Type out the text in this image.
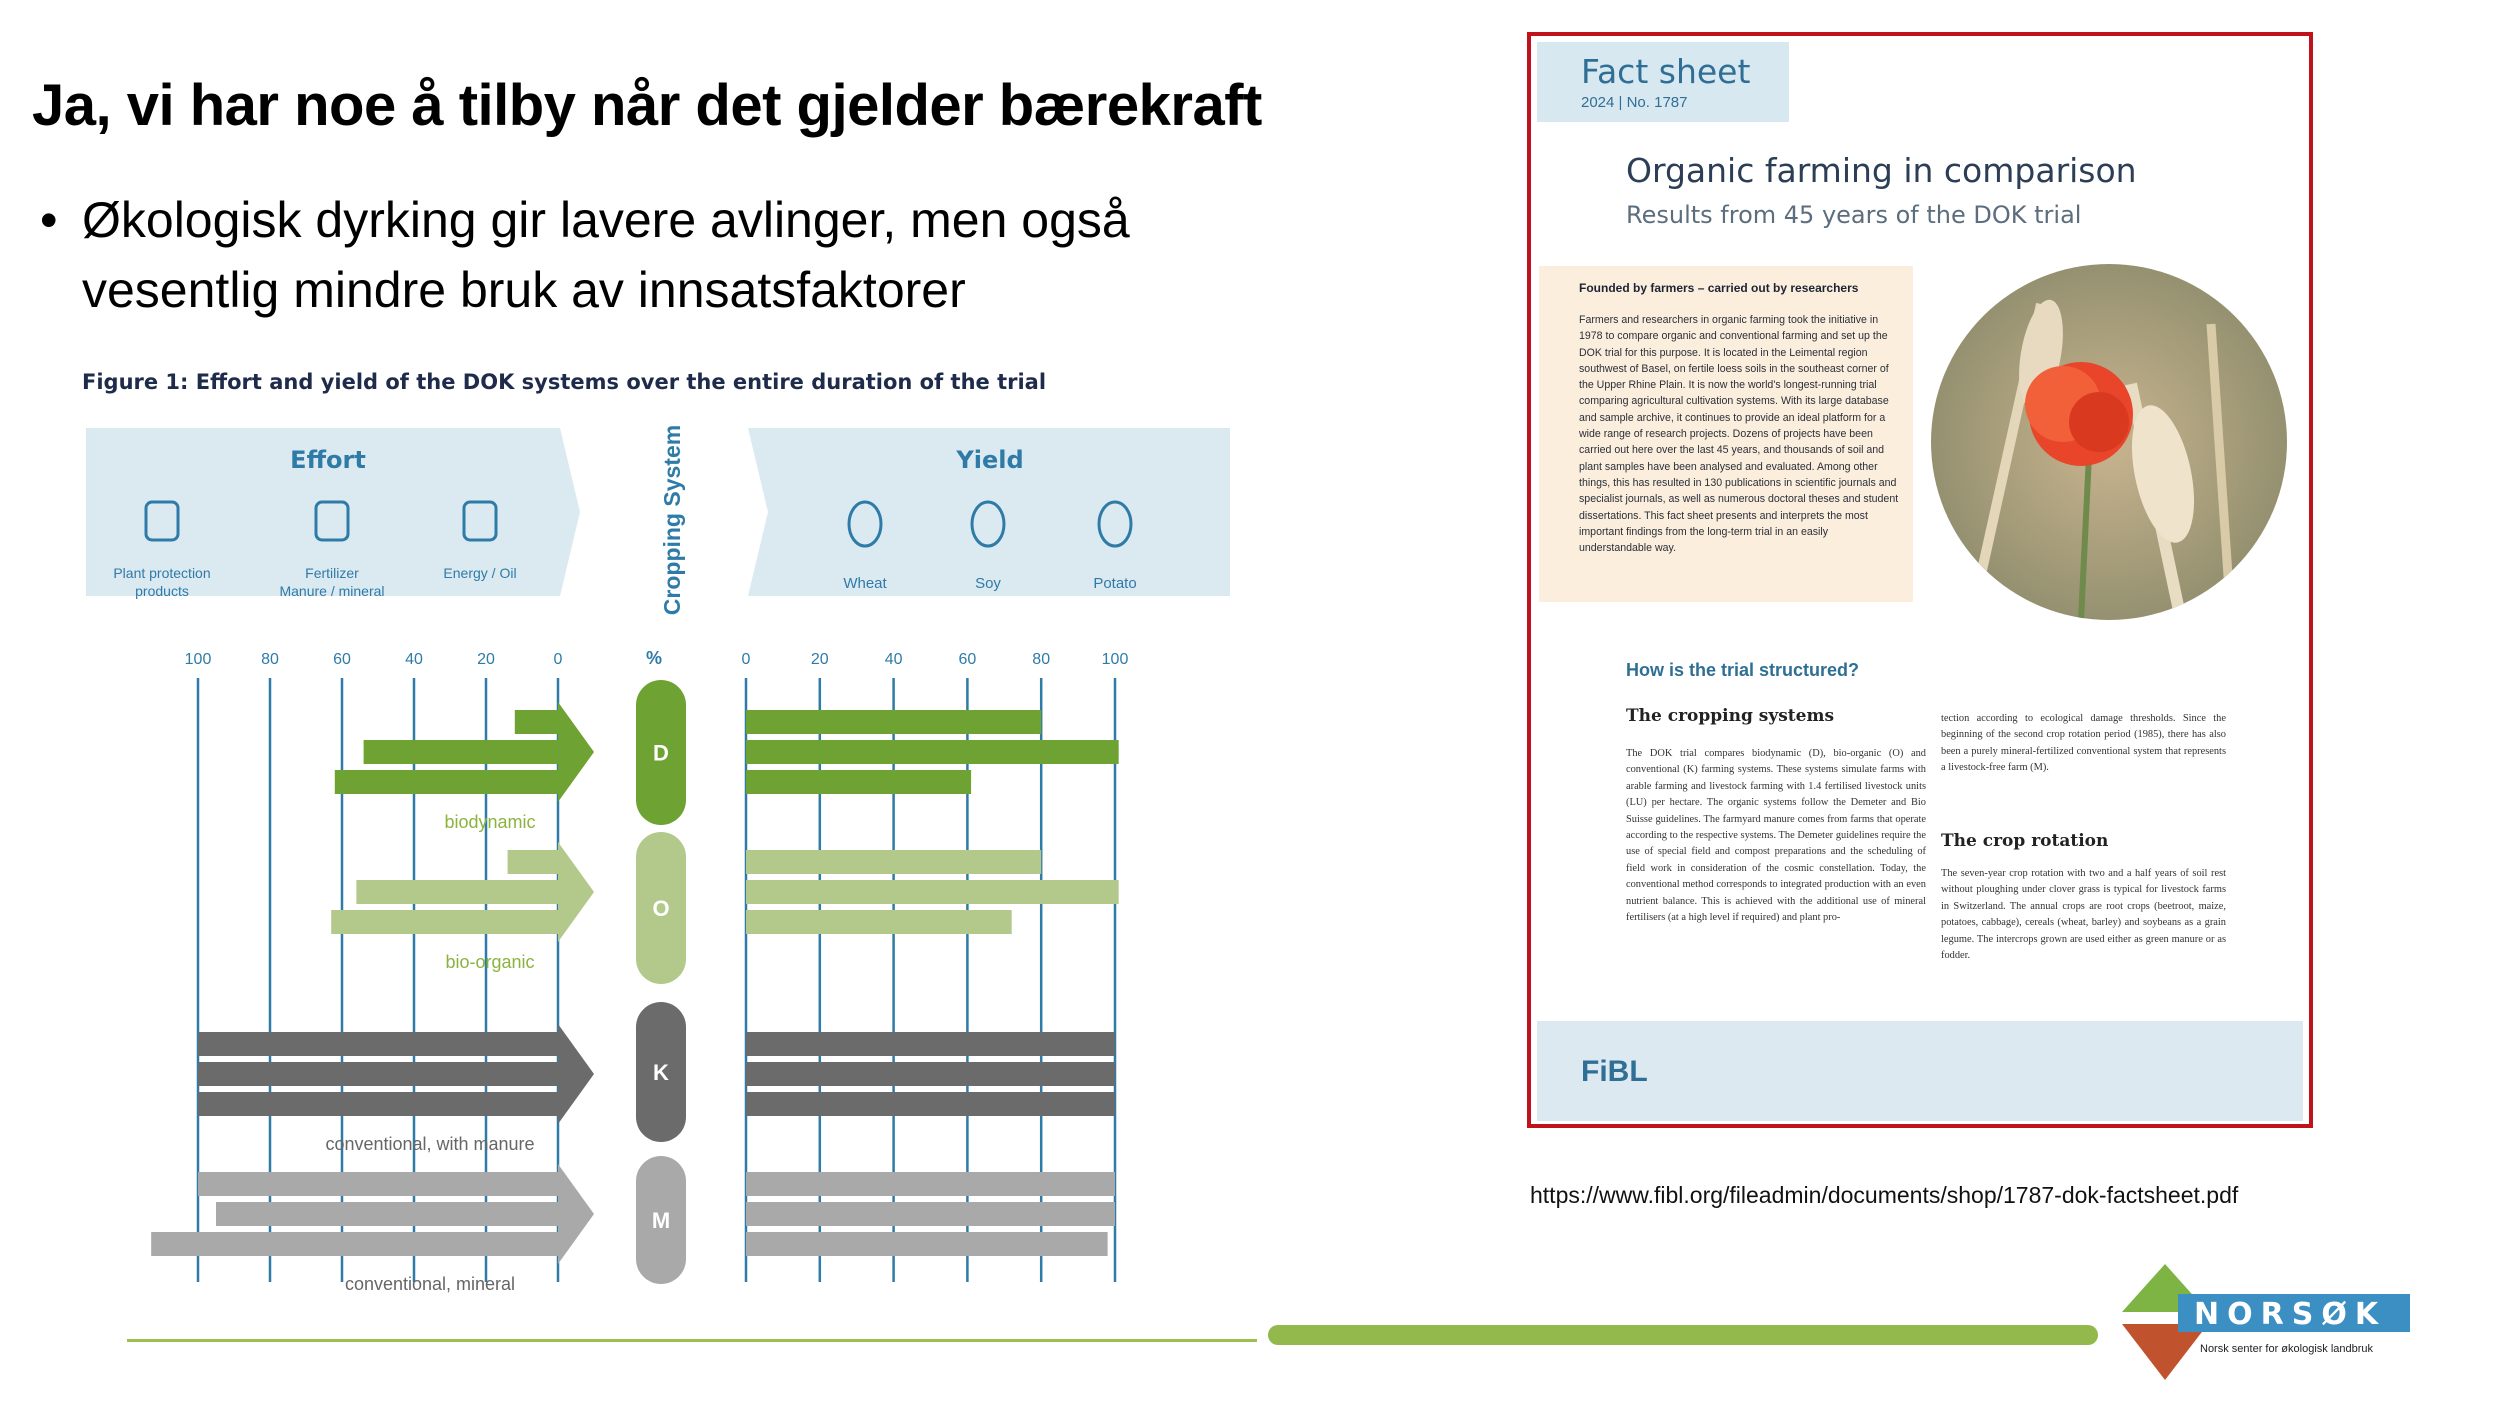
Ja, vi har noe å tilby når det gjelder bærekraft
• Økologisk dyrking gir lavere avlinger, men også
vesentlig mindre bruk av innsatsfaktorer
Figure 1: Effort and yield of the DOK systems over the entire duration of the trial
Effort	Yield
Plant protection
products
Fertilizer
Manure / mineral
Energy / Oil
Wheat	Soy	Potato
Cropping System
100	80	60	40	20	0	%	0	20	40	60	80	100
biodynamic
D
bio-organic
O
conventional, with manure
K
conventional, mineral
M
Fact sheet
2024 | No. 1787
Organic farming in comparison
Results from 45 years of the DOK trial
Founded by farmers – carried out by researchers
Farmers and researchers in organic farming took the initiative in 1978 to compare organic and conventional farming and set up the DOK trial for this purpose. It is located in the Leimental region southwest of Basel, on fertile loess soils in the southeast corner of the Upper Rhine Plain. It is now the world's longest-running trial comparing agricultural cultivation systems. With its large database and sample archive, it continues to provide an ideal platform for a wide range of research projects. Dozens of projects have been carried out here over the last 45 years, and thousands of soil and plant samples have been analysed and evaluated. Among other things, this has resulted in 130 publications in scientific journals and specialist journals, as well as numerous doctoral theses and student dissertations. This fact sheet presents and interprets the most important findings from the long-term trial in an easily understandable way.
How is the trial structured?
The cropping systems
The DOK trial compares biodynamic (D), bio-organic (O) and conventional (K) farming systems. These systems simulate farms with arable farming and livestock farming with 1.4 fertilised livestock units (LU) per hectare. The organic systems follow the Demeter and Bio Suisse guidelines. The farmyard manure comes from farms that operate according to the respective systems. The Demeter guidelines require the use of special field and compost preparations and the scheduling of field work in consideration of the cosmic constellation. Today, the conventional method corresponds to integrated production with an even nutrient balance. This is achieved with the additional use of mineral fertilisers (at a high level if required) and plant pro-
tection according to ecological damage thresholds. Since the beginning of the second crop rotation period (1985), there has also been a purely mineral-fertilized conventional system that represents a livestock-free farm (M).
The crop rotation
The seven-year crop rotation with two and a half years of soil rest without ploughing under clover grass is typical for livestock farms in Switzerland. The annual crops are root crops (beetroot, maize, potatoes, cabbage), cereals (wheat, barley) and soybeans as a grain legume. The intercrops grown are used either as green manure or as fodder.
FiBL
https://www.fibl.org/fileadmin/documents/shop/1787-dok-factsheet.pdf
NORSØK
Norsk senter for økologisk landbruk
